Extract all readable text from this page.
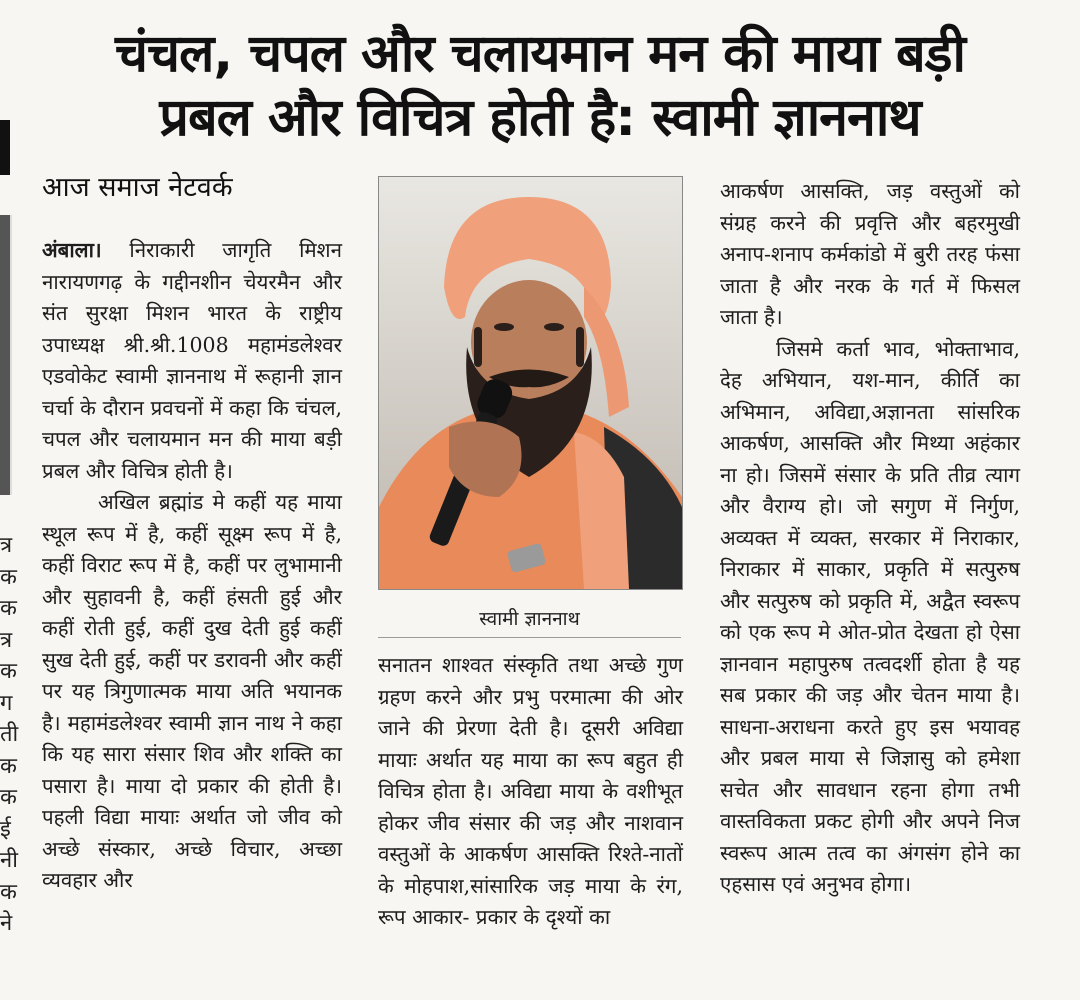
चंचल, चपल और चलायमान मन की माया बड़ी
प्रबल और विचित्र होती है: स्वामी ज्ञाननाथ
त्र
क
क
त्र
क
ग
ती
क
क
ई
नी
क
ने
आज समाज नेटवर्क

अंबाला। निराकारी जागृति मिशन नारायणगढ़ के गद्दीनशीन चेयरमैन और संत सुरक्षा मिशन भारत के राष्ट्रीय उपाध्यक्ष श्री.श्री.1008 महामंडलेश्वर एडवोकेट स्वामी ज्ञाननाथ में रूहानी ज्ञान चर्चा के दौरान प्रवचनों में कहा कि चंचल, चपल और चलायमान मन की माया बड़ी प्रबल और विचित्र होती है।

अखिल ब्रह्मांड मे कहीं यह माया स्थूल रूप में है, कहीं सूक्ष्म रूप में है, कहीं विराट रूप में है, कहीं पर लुभामानी और सुहावनी है, कहीं हंसती हुई और कहीं रोती हुई, कहीं दुख देती हुई कहीं सुख देती हुई, कहीं पर डरावनी और कहीं पर यह त्रिगुणात्मक माया अति भयानक है। महामंडलेश्वर स्वामी ज्ञान नाथ ने कहा कि यह सारा संसार शिव और शक्ति का पसारा है। माया दो प्रकार की होती है। पहली विद्या मायाः अर्थात जो जीव को अच्छे संस्कार, अच्छे विचार, अच्छा व्यवहार और

स्वामी ज्ञाननाथ

सनातन शाश्वत संस्कृति तथा अच्छे गुण ग्रहण करने और प्रभु परमात्मा की ओर जाने की प्रेरणा देती है। दूसरी अविद्या मायाः अर्थात यह माया का रूप बहुत ही विचित्र होता है। अविद्या माया के वशीभूत होकर जीव संसार की जड़ और नाशवान वस्तुओं के आकर्षण आसक्ति रिश्ते-नातों के मोहपाश,सांसारिक जड़ माया के रंग, रूप आकार- प्रकार के दृश्यों का

आकर्षण आसक्ति, जड़ वस्तुओं को संग्रह करने की प्रवृत्ति और बहरमुखी अनाप-शनाप कर्मकांडो में बुरी तरह फंसा जाता है और नरक के गर्त में फिसल जाता है।

जिसमे कर्ता भाव, भोक्ताभाव, देह अभियान, यश-मान, कीर्ति का अभिमान, अविद्या,अज्ञानता सांसरिक आकर्षण, आसक्ति और मिथ्या अहंकार ना हो। जिसमें संसार के प्रति तीव्र त्याग और वैराग्य हो। जो सगुण में निर्गुण, अव्यक्त में व्यक्त, सरकार में निराकार, निराकार में साकार, प्रकृति में सत्पुरुष और सत्पुरुष को प्रकृति में, अद्वैत स्वरूप को एक रूप मे ओत-प्रोत देखता हो ऐसा ज्ञानवान महापुरुष तत्वदर्शी होता है यह सब प्रकार की जड़ और चेतन माया है। साधना-अराधना करते हुए इस भयावह और प्रबल माया से जिज्ञासु को हमेशा सचेत और सावधान रहना होगा तभी वास्तविकता प्रकट होगी और अपने निज स्वरूप आत्म तत्व का अंगसंग होने का एहसास एवं अनुभव होगा।
